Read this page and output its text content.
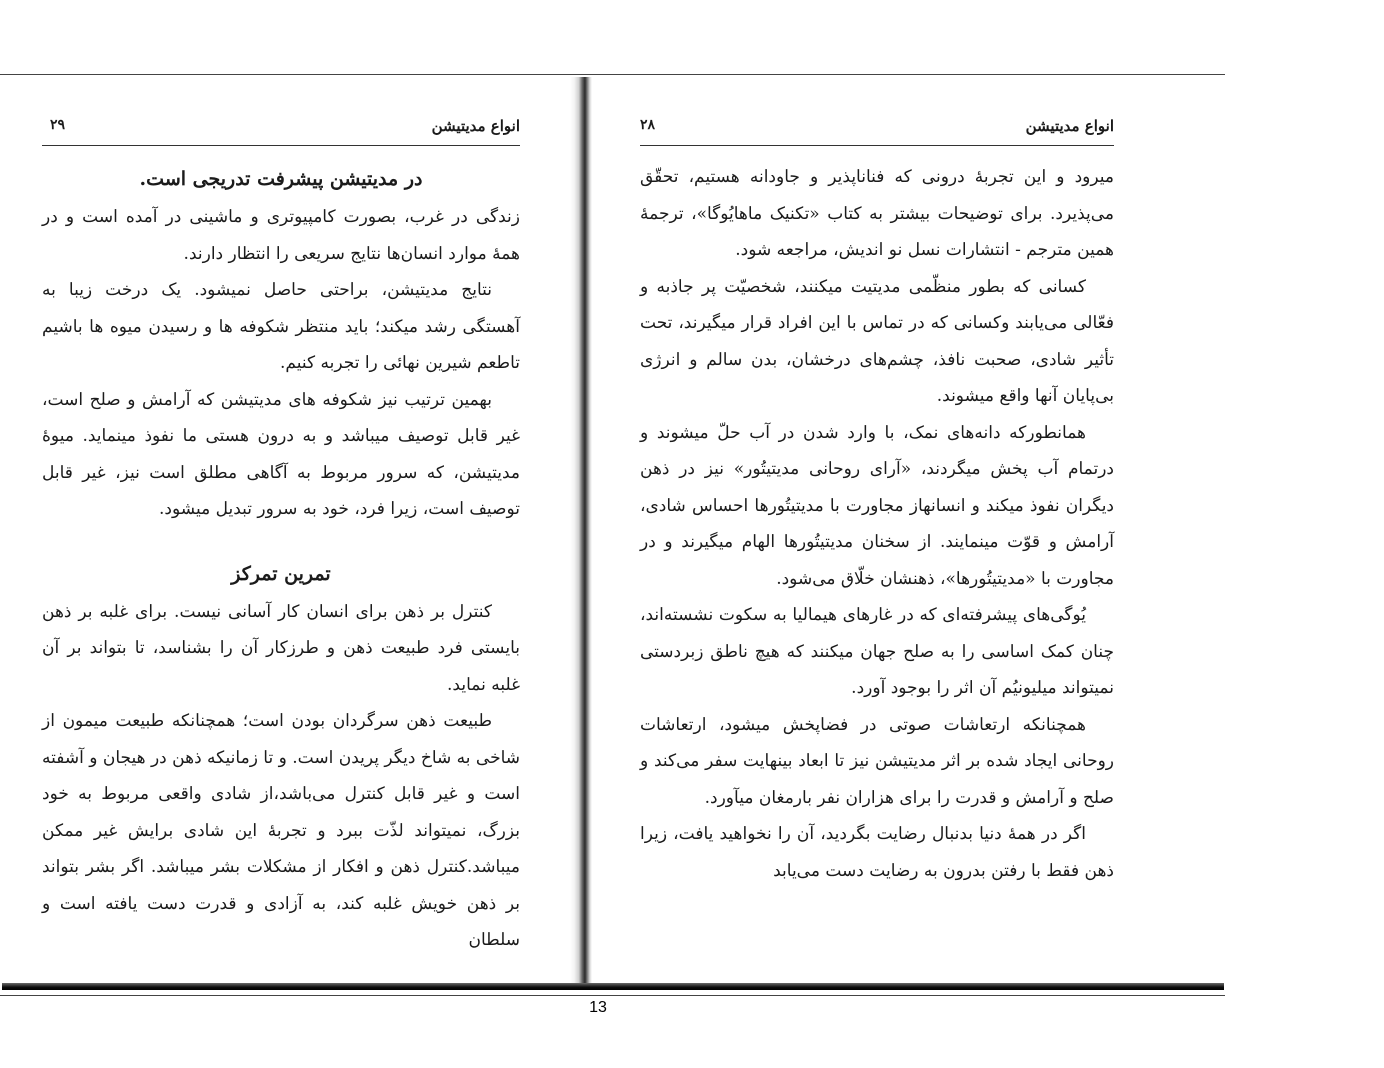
انواع مدیتیشن
۲۹

در مدیتیشن پیشرفت تدریجی است.

زندگی در غرب، بصورت کامپیوتری و ماشینی در آمده است و در همهٔ موارد انسان‌ها نتایج سریعی را انتظار دارند.

نتایج مدیتیشن، براحتی حاصل نمیشود. یک درخت زیبا به آهستگی رشد میکند؛ باید منتظر شکوفه ها و رسیدن میوه ها باشیم تاطعم شیرین نهائی را تجربه کنیم.

بهمین ترتیب نیز شکوفه های مدیتیشن که آرامش و صلح است، غیر قابل توصیف میباشد و به درون هستی ما نفوذ مینماید. میوهٔ مدیتیشن، که سرور مربوط به آگاهی مطلق است نیز، غیر قابل توصیف است، زیرا فرد، خود به سرور تبدیل میشود.

تمرین تمرکز

کنترل بر ذهن برای انسان کار آسانی نیست. برای غلبه بر ذهن بایستی فرد طبیعت ذهن و طرزکار آن را بشناسد، تا بتواند بر آن غلبه نماید.

طبیعت ذهن سرگردان بودن است؛ همچنانکه طبیعت میمون از شاخی به شاخ دیگر پریدن است. و تا زمانیکه ذهن در هیجان و آشفته است و غیر قابل کنترل می‌باشد،از شادی واقعی مربوط به خود بزرگ، نمیتواند لذّت ببرد و تجربهٔ این شادی برایش غیر ممکن میباشد.کنترل ذهن و افکار از مشکلات بشر میباشد. اگر بشر بتواند بر ذهن خویش غلبه کند، به آزادی و قدرت دست یافته است و سلطان

انواع مدیتیشن
۲۸

میرود و این تجربهٔ درونی که فناناپذیر و جاودانه هستیم، تحقّق می‌پذیرد. برای توضیحات بیشتر به کتاب «تکنیک ماهایُوگا»، ترجمهٔ همین مترجم - انتشارات نسل نو اندیش، مراجعه شود.

کسانی که بطور منظّمی مدیتیت میکنند، شخصیّت پر جاذبه و فعّالی می‌یابند وکسانی که در تماس با این افراد قرار میگیرند، تحت تأثیر شادی، صحبت نافذ، چشم‌های درخشان، بدن سالم و انرژی بی‌پایان آنها واقع میشوند.

همانطورکه دانه‌های نمک، با وارد شدن در آب حلّ میشوند و درتمام آب پخش میگردند، «آرای روحانی مدیتیتُور» نیز در ذهن دیگران نفوذ میکند و انسانهاز مجاورت با مدیتیتُورها احساس شادی، آرامش و قوّت مینمایند. از سخنان مدیتیتُورها الهام میگیرند و در مجاورت با «مدیتیتُورها»، ذهنشان خلّاق می‌شود.

یُوگی‌های پیشرفته‌ای که در غارهای هیمالیا به سکوت نشسته‌اند، چنان کمک اساسی را به صلح جهان میکنند که هیچ ناطق زبردستی نمیتواند میلیونیُم آن اثر را بوجود آورد.

همچنانکه ارتعاشات صوتی در فضاپخش میشود، ارتعاشات روحانی ایجاد شده بر اثر مدیتیشن نیز تا ابعاد بینهایت سفر می‌کند و صلح و آرامش و قدرت را برای هزاران نفر بارمغان میآورد.

اگر در همهٔ دنیا بدنبال رضایت بگردید، آن را نخواهید یافت، زیرا ذهن فقط با رفتن بدرون به رضایت دست می‌یابد

13
